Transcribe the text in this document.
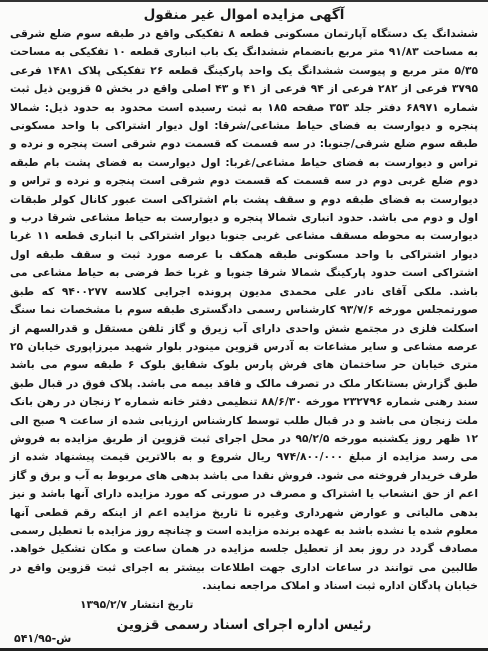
آگهی مزایده اموال غیر منقول
ششدانگ یک دستگاه آپارتمان مسکونی قطعه ۸ تفکیکی واقع در طبقه سوم ضلع شرقی به مساحت ۹۱/۸۳ متر مربع بانضمام ششدانگ یک باب انباری قطعه ۱۰ تفکیکی به مساحت ۵/۳۵ متر مربع و پیوست ششدانگ یک واحد پارکینگ قطعه ۲۶ تفکیکی پلاک ۱۴۸۱ فرعی ۳۷۹۵ فرعی از ۲۸۲ فرعی از ۹۴ فرعی از ۴۱ و ۴۳ اصلی واقع در بخش ۵ قزوین ذیل ثبت شماره ۶۸۹۷۱ دفتر جلد ۳۵۳ صفحه ۱۸۵ به ثبت رسیده است محدود به حدود ذیل: شمالا پنجره و دیوارست به فضای حیاط مشاعی/شرقا: اول دیوار اشتراکی با واحد مسکونی طبقه سوم ضلع شرقی/جنوبا: در سه قسمت که قسمت دوم شرقی است پنجره و نرده و تراس و دیوارست به فضای حیاط مشاعی/غربا: اول دیوارست به فضای پشت بام طبقه دوم ضلع غربی دوم در سه قسمت که قسمت دوم شرقی است پنجره و نرده و تراس و دیوارست به فضای طبقه دوم و سقف پشت بام اشتراکی است عبور کانال کولر طبقات اول و دوم می باشد. حدود انباری شمالا پنجره و دیوارست به حیاط مشاعی شرقا درب و دیوارست به محوطه مسقف مشاعی غربی جنوبا دیوار اشتراکی با انباری قطعه ۱۱ غربا دیوار اشتراکی با واحد مسکونی طبقه همکف با عرصه مورد ثبت و سقف طبقه اول اشتراکی است حدود پارکینگ شمالا شرقا جنوبا و غربا خط فرضی به حیاط مشاعی می باشد. ملکی آقای نادر علی محمدی مدیون پرونده اجرایی کلاسه ۹۴۰۰۲۷۷ که طبق صورتمجلس مورخه ۹۳/۷/۶ کارشناس رسمی دادگستری طبقه سوم با مشخصات نما سنگ اسکلت فلزی در مجتمع شش واحدی دارای آب زیرق و گاز تلفن مستقل و قدرالسهم از عرصه مشاعی و سایر مشاعات به آدرس قزوین مینودر بلوار شهید میرزاپوری خیابان ۲۵ متری خیابان حر ساختمان های فرش پارس بلوک شقایق بلوک ۶ طبقه سوم می باشد طبق گزارش بستانکار ملک در تصرف مالک و فاقد بیمه می باشد. پلاک فوق در قبال طبق سند رهنی شماره ۲۳۲۷۹۶ مورخه ۸۸/۶/۳۰ تنظیمی دفتر خانه شماره ۲ زنجان در رهن بانک ملت زنجان می باشد و در قبال طلب توسط کارشناس ارزیابی شده از ساعت ۹ صبح الی ۱۲ ظهر روز یکشنبه مورخه ۹۵/۲/۵ در محل اجرای ثبت قزوین از طریق مزایده به فروش می رسد مزایده از مبلغ ۹۷۴/۸۰۰/۰۰۰ ریال شروع و به بالاترین قیمت پیشنهاد شده از طرف خریدار فروخته می شود. فروش نقدا می باشد بدهی های مربوط به آب و برق و گاز اعم از حق انشعاب یا اشتراک و مصرف در صورتی که مورد مزایده دارای آنها باشد و نیز بدهی مالیاتی و عوارض شهرداری وغیره تا تاریخ مزایده اعم از اینکه رقم قطعی آنها معلوم شده یا نشده باشد به عهده برنده مزایده است و چنانچه روز مزایده با تعطیل رسمی مصادف گردد در روز بعد از تعطیل جلسه مزایده در همان ساعت و مکان تشکیل خواهد. طالبین می توانند در ساعات اداری جهت اطلاعات بیشتر به اجرای ثبت قزوین واقع در خیابان پادگان اداره ثبت اسناد و املاک مراجعه نمایند.
تاریخ انتشار ۱۳۹۵/۲/۷
رئیس اداره اجرای اسناد رسمی قزوین
۵۴۱/۹۵-ش
